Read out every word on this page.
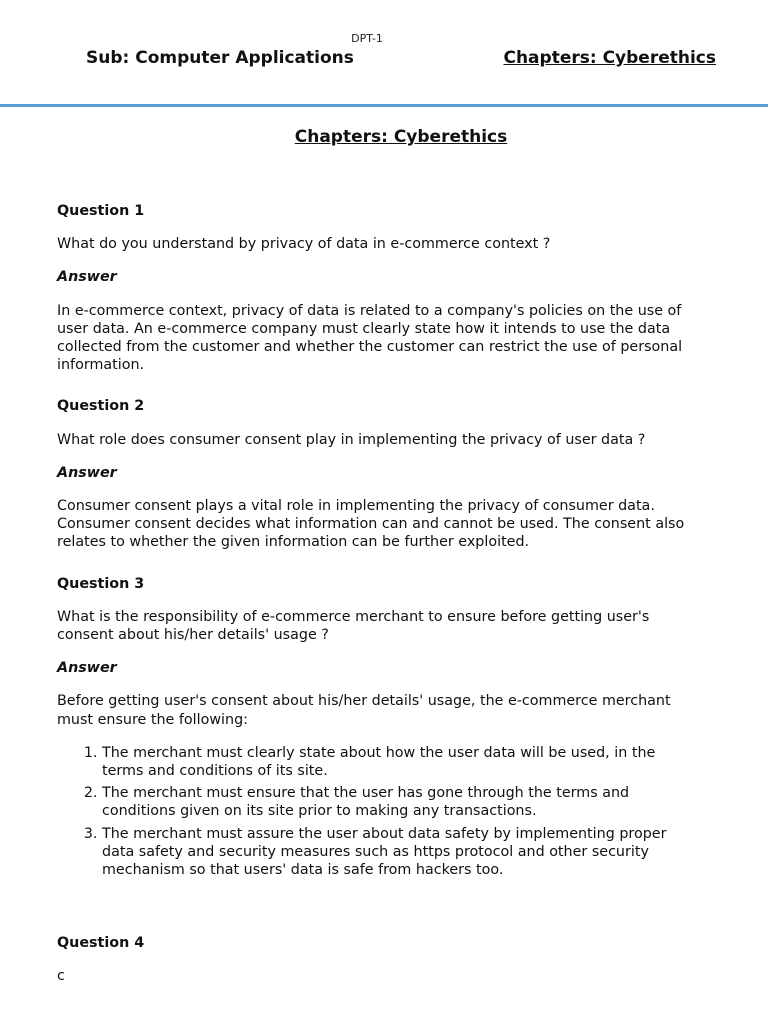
DPT-1
Sub: Computer Applications	Chapters: Cyberethics
Chapters: Cyberethics
Question 1
What do you understand by privacy of data in e-commerce context ?
Answer
In e-commerce context, privacy of data is related to a company's policies on the use of user data. An e-commerce company must clearly state how it intends to use the data collected from the customer and whether the customer can restrict the use of personal information.
Question 2
What role does consumer consent play in implementing the privacy of user data ?
Answer
Consumer consent plays a vital role in implementing the privacy of consumer data. Consumer consent decides what information can and cannot be used. The consent also relates to whether the given information can be further exploited.
Question 3
What is the responsibility of e-commerce merchant to ensure before getting user's consent about his/her details' usage ?
Answer
Before getting user's consent about his/her details' usage, the e-commerce merchant must ensure the following:
1. The merchant must clearly state about how the user data will be used, in the terms and conditions of its site.
2. The merchant must ensure that the user has gone through the terms and conditions given on its site prior to making any transactions.
3. The merchant must assure the user about data safety by implementing proper data safety and security measures such as https protocol and other security mechanism so that users' data is safe from hackers too.
Question 4
c
